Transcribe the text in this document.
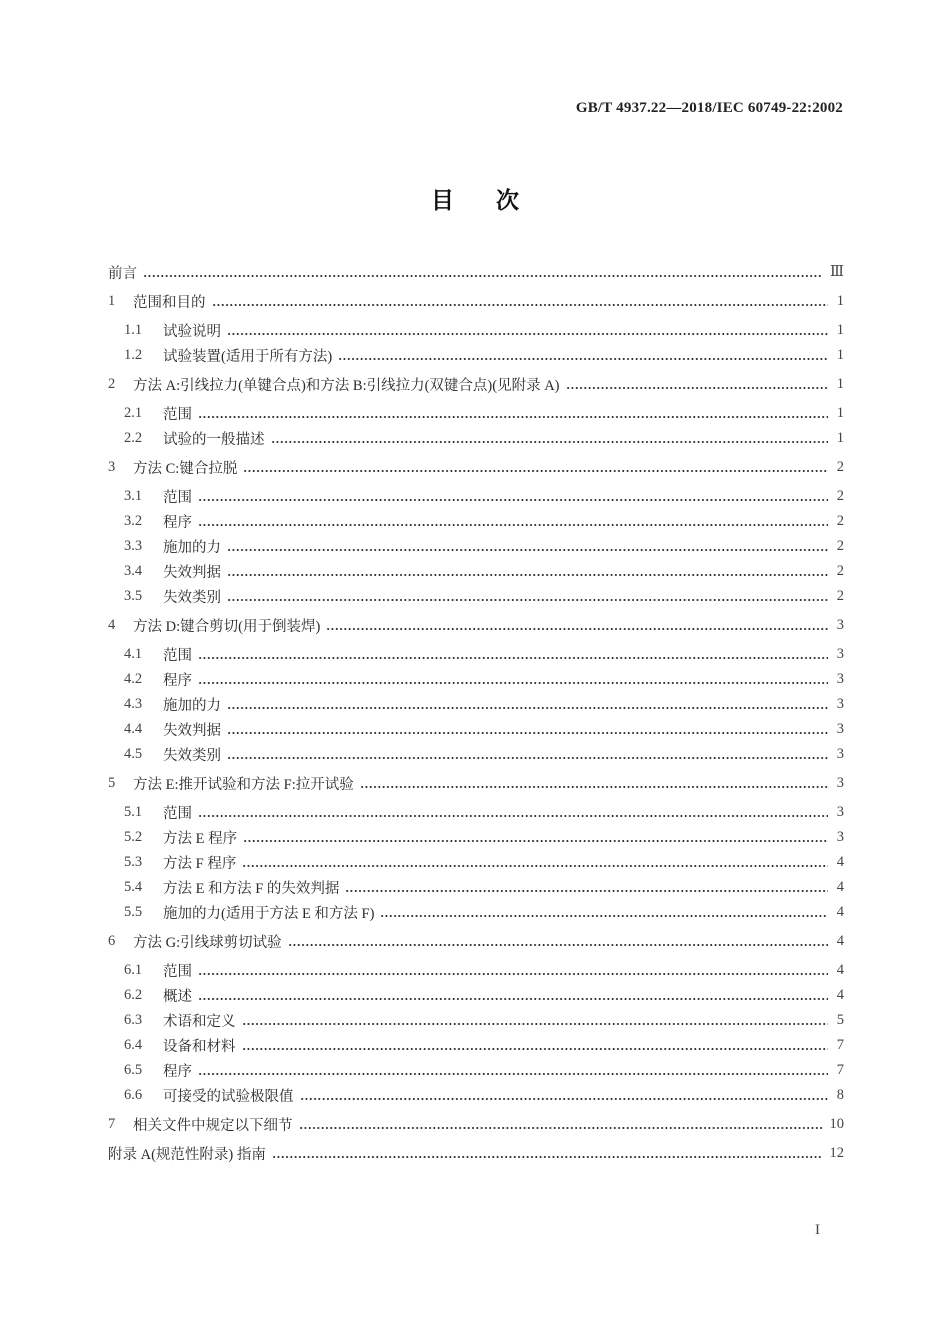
GB/T 4937.22—2018/IEC 60749-22:2002
目次
前言	Ⅲ
1	范围和目的	1
1.1	试验说明	1
1.2	试验装置(适用于所有方法)	1
2	方法 A:引线拉力(单键合点)和方法 B:引线拉力(双键合点)(见附录 A)	1
2.1	范围	1
2.2	试验的一般描述	1
3	方法 C:键合拉脱	2
3.1	范围	2
3.2	程序	2
3.3	施加的力	2
3.4	失效判据	2
3.5	失效类别	2
4	方法 D:键合剪切(用于倒装焊)	3
4.1	范围	3
4.2	程序	3
4.3	施加的力	3
4.4	失效判据	3
4.5	失效类别	3
5	方法 E:推开试验和方法 F:拉开试验	3
5.1	范围	3
5.2	方法 E 程序	3
5.3	方法 F 程序	4
5.4	方法 E 和方法 F 的失效判据	4
5.5	施加的力(适用于方法 E 和方法 F)	4
6	方法 G:引线球剪切试验	4
6.1	范围	4
6.2	概述	4
6.3	术语和定义	5
6.4	设备和材料	7
6.5	程序	7
6.6	可接受的试验极限值	8
7	相关文件中规定以下细节	10
附录 A(规范性附录) 指南	12
I
